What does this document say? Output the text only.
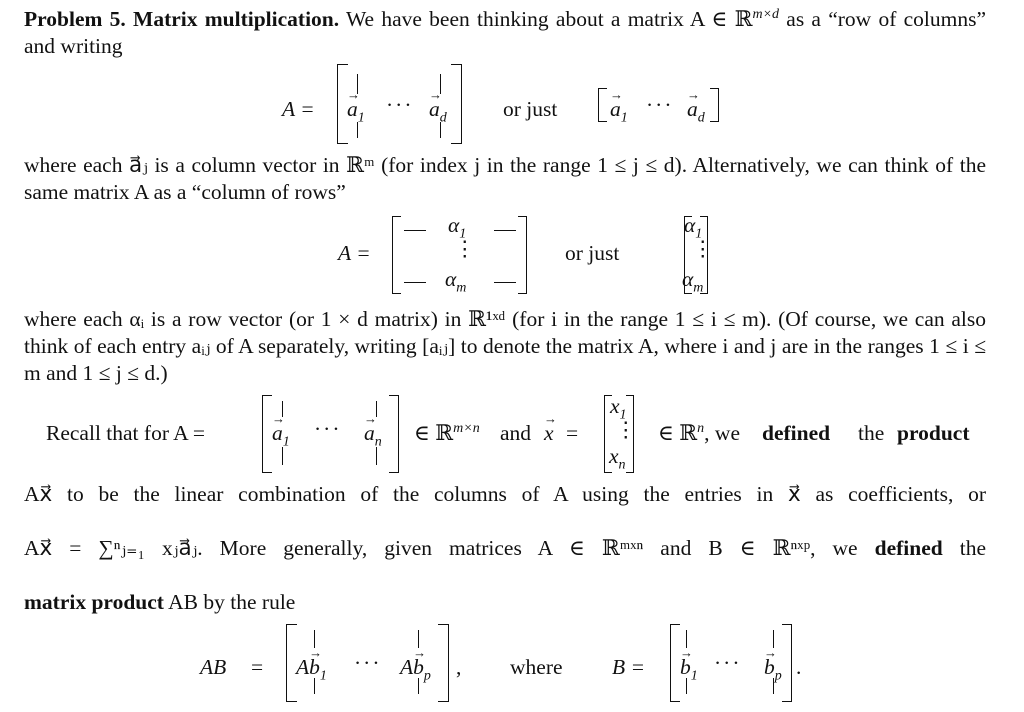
Problem 5. Matrix multiplication. We have been thinking about a matrix A ∈ ℝ$^{m\times d}$ as a “row of columns” and writing

A = → $a_1$
··· → $a_d$	or just → $a_1$
··· → $a_d$

where each a⃗ⱼ is a column vector in ℝᵐ (for index j in the range 1 ≤ j ≤ d). Alternatively, we can think of the same matrix A as a “column of rows”

A =
$\alpha_1$
⋮
$\alpha_m$
or just
$\alpha_1$
⋮
$\alpha_m$

where each αᵢ is a row vector (or 1 × d matrix) in ℝ¹ˣᵈ (for i in the range 1 ≤ i ≤ m). (Of course, we can also think of each entry aᵢⱼ of A separately, writing [aᵢⱼ] to denote the matrix A, where i and j are in the ranges 1 ≤ i ≤ m and 1 ≤ j ≤ d.)

Recall that for A =	→ $a_1$
··· → $a_n$ ∈ ℝ$^{m\times n}$ and → x =
$x_1$
⋮
$x_n$
∈ ℝ$^n$, we defined the product

Ax⃗ to be the linear combination of the columns of A using the entries in x⃗ as coefficients, or

Ax⃗ = ∑ⁿⱼ₌₁ xⱼa⃗ⱼ. More generally, given matrices A ∈ ℝᵐˣⁿ and B ∈ ℝⁿˣᵖ, we defined the

matrix product AB by the rule

AB = $A\to b_1$
··· $A\to b_p$ , where B = → $b_1$
··· → $b_p$ .
